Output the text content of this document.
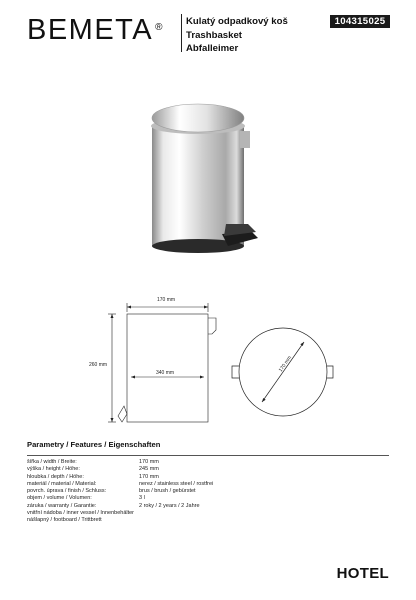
BEMETA ®
Kulatý odpadkový koš
Trashbasket
Abfalleimer
104315025
170 mm
260 mm
340 mm	170 mm
Parametry / Features / Eigenschaften
šířka / width / Breite:	170 mm
výška / height / Höhe:	245 mm
hloubka / depth / Höhe:	170 mm
materiál / material / Material:	nerez / stainless steel / rostfrei
povrch. úprava / finish / Schluss:	brus / brush / gebürstet
objem / volume / Volumen:	3 l
záruka / warranty / Garantie:	2 roky / 2 years / 2 Jahre
vnitřní nádoba / inner vessel / Innenbehälter
nášlapný / footboard / Trittbrett
HOTEL
